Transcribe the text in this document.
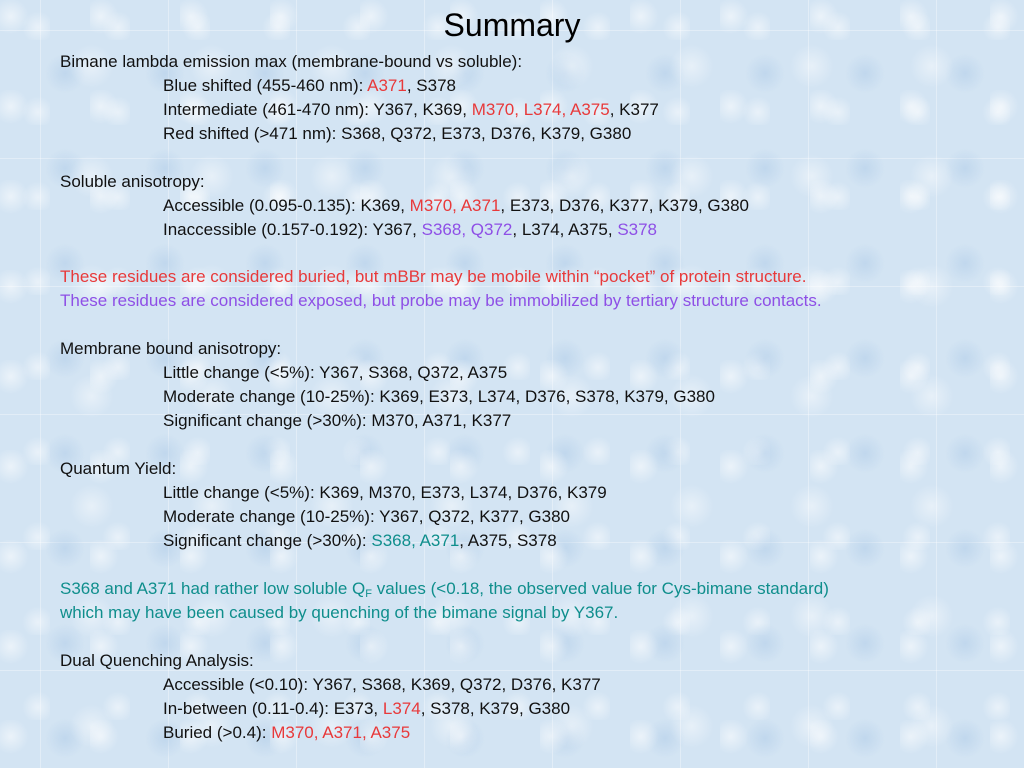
Summary
Bimane lambda emission max (membrane-bound vs soluble):
Blue shifted (455-460 nm): A371, S378
Intermediate (461-470 nm): Y367, K369, M370, L374, A375, K377
Red shifted (>471 nm): S368, Q372, E373, D376, K379, G380
Soluble anisotropy:
Accessible (0.095-0.135): K369, M370, A371, E373, D376, K377, K379, G380
Inaccessible (0.157-0.192): Y367, S368, Q372, L374, A375, S378
These residues are considered buried, but mBBr may be mobile within “pocket” of protein structure.
These residues are considered exposed, but probe may be immobilized by tertiary structure contacts.
Membrane bound anisotropy:
Little change (<5%): Y367, S368, Q372, A375
Moderate change (10-25%): K369, E373, L374, D376, S378, K379, G380
Significant change (>30%): M370, A371, K377
Quantum Yield:
Little change (<5%): K369, M370, E373, L374, D376, K379
Moderate change (10-25%): Y367, Q372, K377, G380
Significant change (>30%): S368, A371, A375, S378
S368 and A371 had rather low soluble $Q_F$ values (<0.18, the observed value for Cys-bimane standard)
which may have been caused by quenching of the bimane signal by Y367.
Dual Quenching Analysis:
Accessible (<0.10): Y367, S368, K369, Q372, D376, K377
In-between (0.11-0.4): E373, L374, S378, K379, G380
Buried (>0.4): M370, A371, A375
